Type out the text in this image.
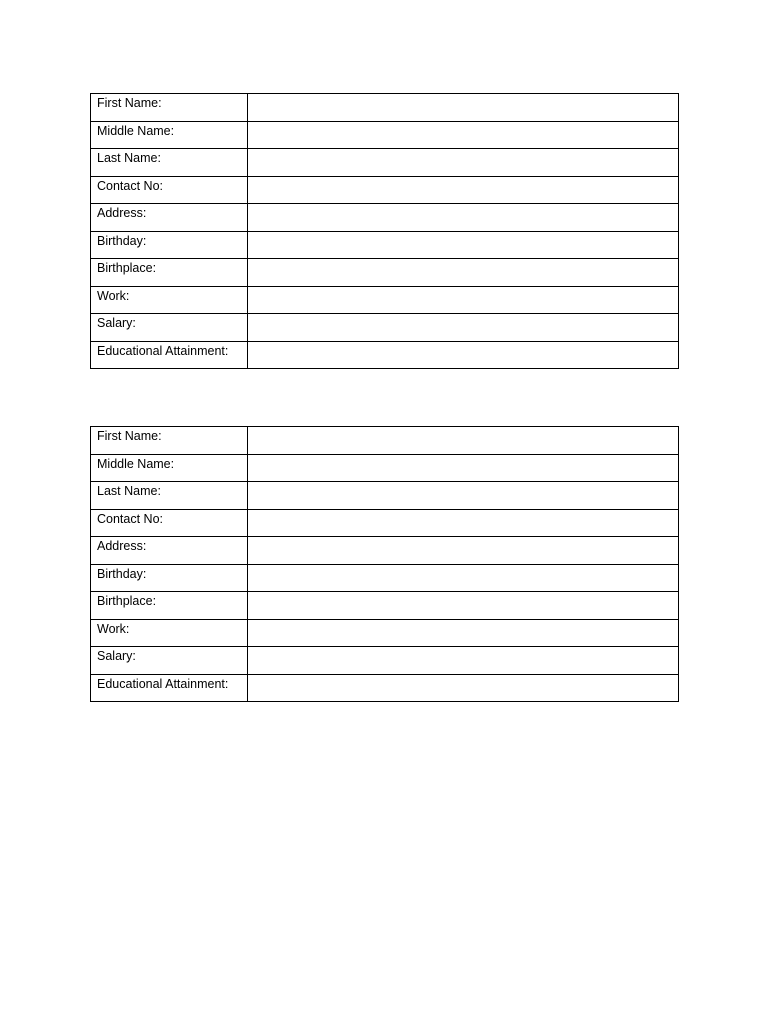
First Name:	
Middle Name:	
Last Name:	
Contact No:	
Address:	
Birthday:	
Birthplace:	
Work:	
Salary:	
Educational Attainment:	
First Name:	
Middle Name:	
Last Name:	
Contact No:	
Address:	
Birthday:	
Birthplace:	
Work:	
Salary:	
Educational Attainment:	
